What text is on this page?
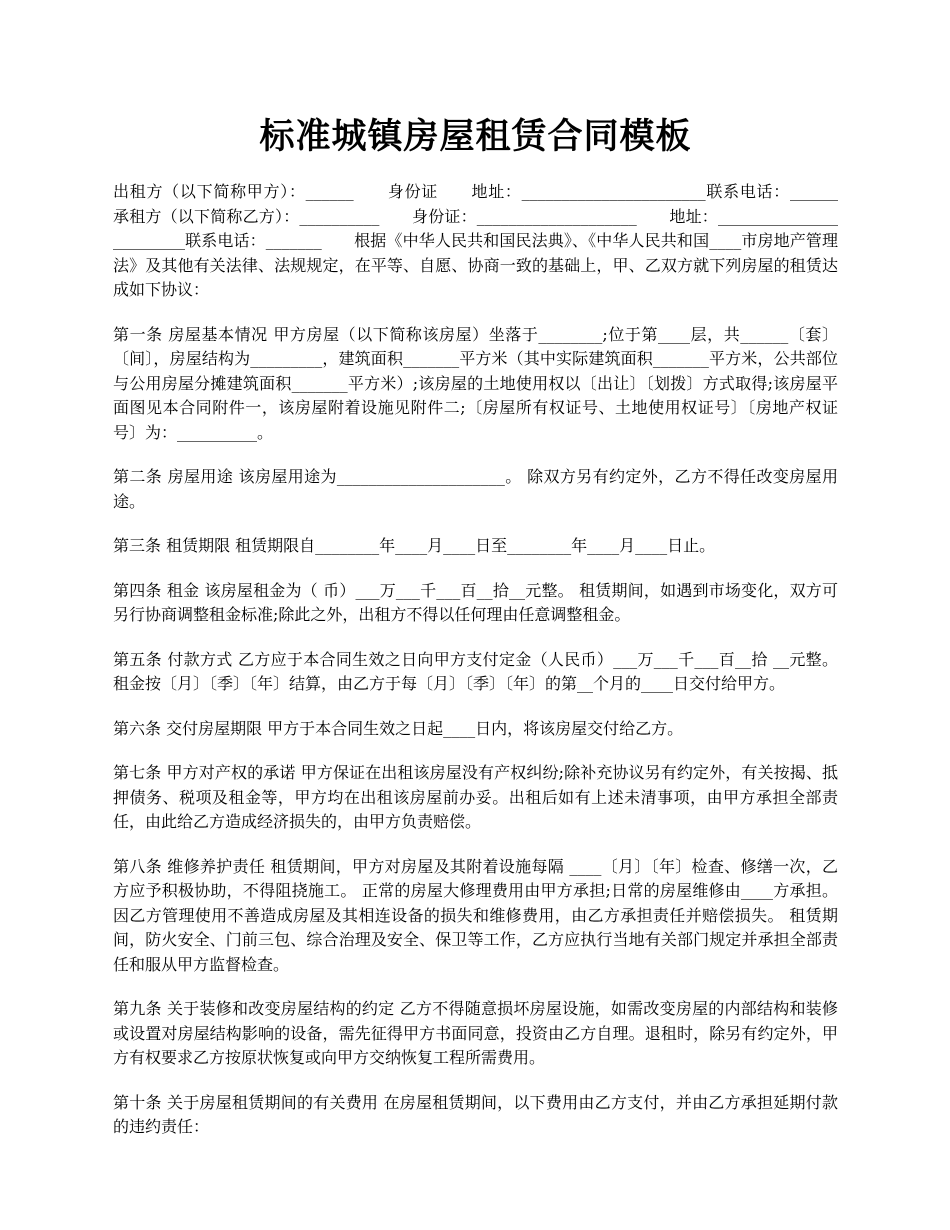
标准城镇房屋租赁合同模板

出租方（以下简称甲方）：______　　身份证　　地址：_______________________联系电话：______　　承租方（以下简称乙方）：__________　　身份证：____________________　　地址：________________________联系电话：_______　　根据《中华人民共和国民法典》、《中华人民共和国____市房地产管理法》及其他有关法律、法规规定，在平等、自愿、协商一致的基础上，甲、乙双方就下列房屋的租赁达成如下协议：

第一条 房屋基本情况 甲方房屋（以下简称该房屋）坐落于________;位于第____层，共______〔套〕〔间〕，房屋结构为_________，建筑面积_______平方米（其中实际建筑面积_______平方米，公共部位与公用房屋分摊建筑面积_______平方米）;该房屋的土地使用权以〔出让〕〔划拨〕方式取得;该房屋平面图见本合同附件一，该房屋附着设施见附件二;〔房屋所有权证号、土地使用权证号〕〔房地产权证号〕为：__________。

第二条 房屋用途 该房屋用途为_____________________。 除双方另有约定外，乙方不得任改变房屋用途。

第三条 租赁期限 租赁期限自________年____月____日至________年____月____日止。

第四条 租金 该房屋租金为（ 币）___万___千___百__拾__元整。 租赁期间，如遇到市场变化，双方可另行协商调整租金标准;除此之外，出租方不得以任何理由任意调整租金。

第五条 付款方式 乙方应于本合同生效之日向甲方支付定金（人民币）___万___千___百__拾 __元整。租金按〔月〕〔季〕〔年〕结算，由乙方于每〔月〕〔季〕〔年〕的第__个月的____日交付给甲方。

第六条 交付房屋期限 甲方于本合同生效之日起____日内，将该房屋交付给乙方。

第七条 甲方对产权的承诺 甲方保证在出租该房屋没有产权纠纷;除补充协议另有约定外，有关按揭、抵押债务、税项及租金等，甲方均在出租该房屋前办妥。出租后如有上述未清事项，由甲方承担全部责任，由此给乙方造成经济损失的，由甲方负责赔偿。

第八条 维修养护责任 租赁期间，甲方对房屋及其附着设施每隔 ____〔月〕〔年〕检查、修缮一次，乙方应予积极协助，不得阻挠施工。 正常的房屋大修理费用由甲方承担;日常的房屋维修由____方承担。 因乙方管理使用不善造成房屋及其相连设备的损失和维修费用，由乙方承担责任并赔偿损失。 租赁期间，防火安全、门前三包、综合治理及安全、保卫等工作，乙方应执行当地有关部门规定并承担全部责任和服从甲方监督检查。

第九条 关于装修和改变房屋结构的约定 乙方不得随意损坏房屋设施，如需改变房屋的内部结构和装修或设置对房屋结构影响的设备，需先征得甲方书面同意，投资由乙方自理。退租时，除另有约定外，甲方有权要求乙方按原状恢复或向甲方交纳恢复工程所需费用。

第十条 关于房屋租赁期间的有关费用 在房屋租赁期间，以下费用由乙方支付，并由乙方承担延期付款的违约责任：
